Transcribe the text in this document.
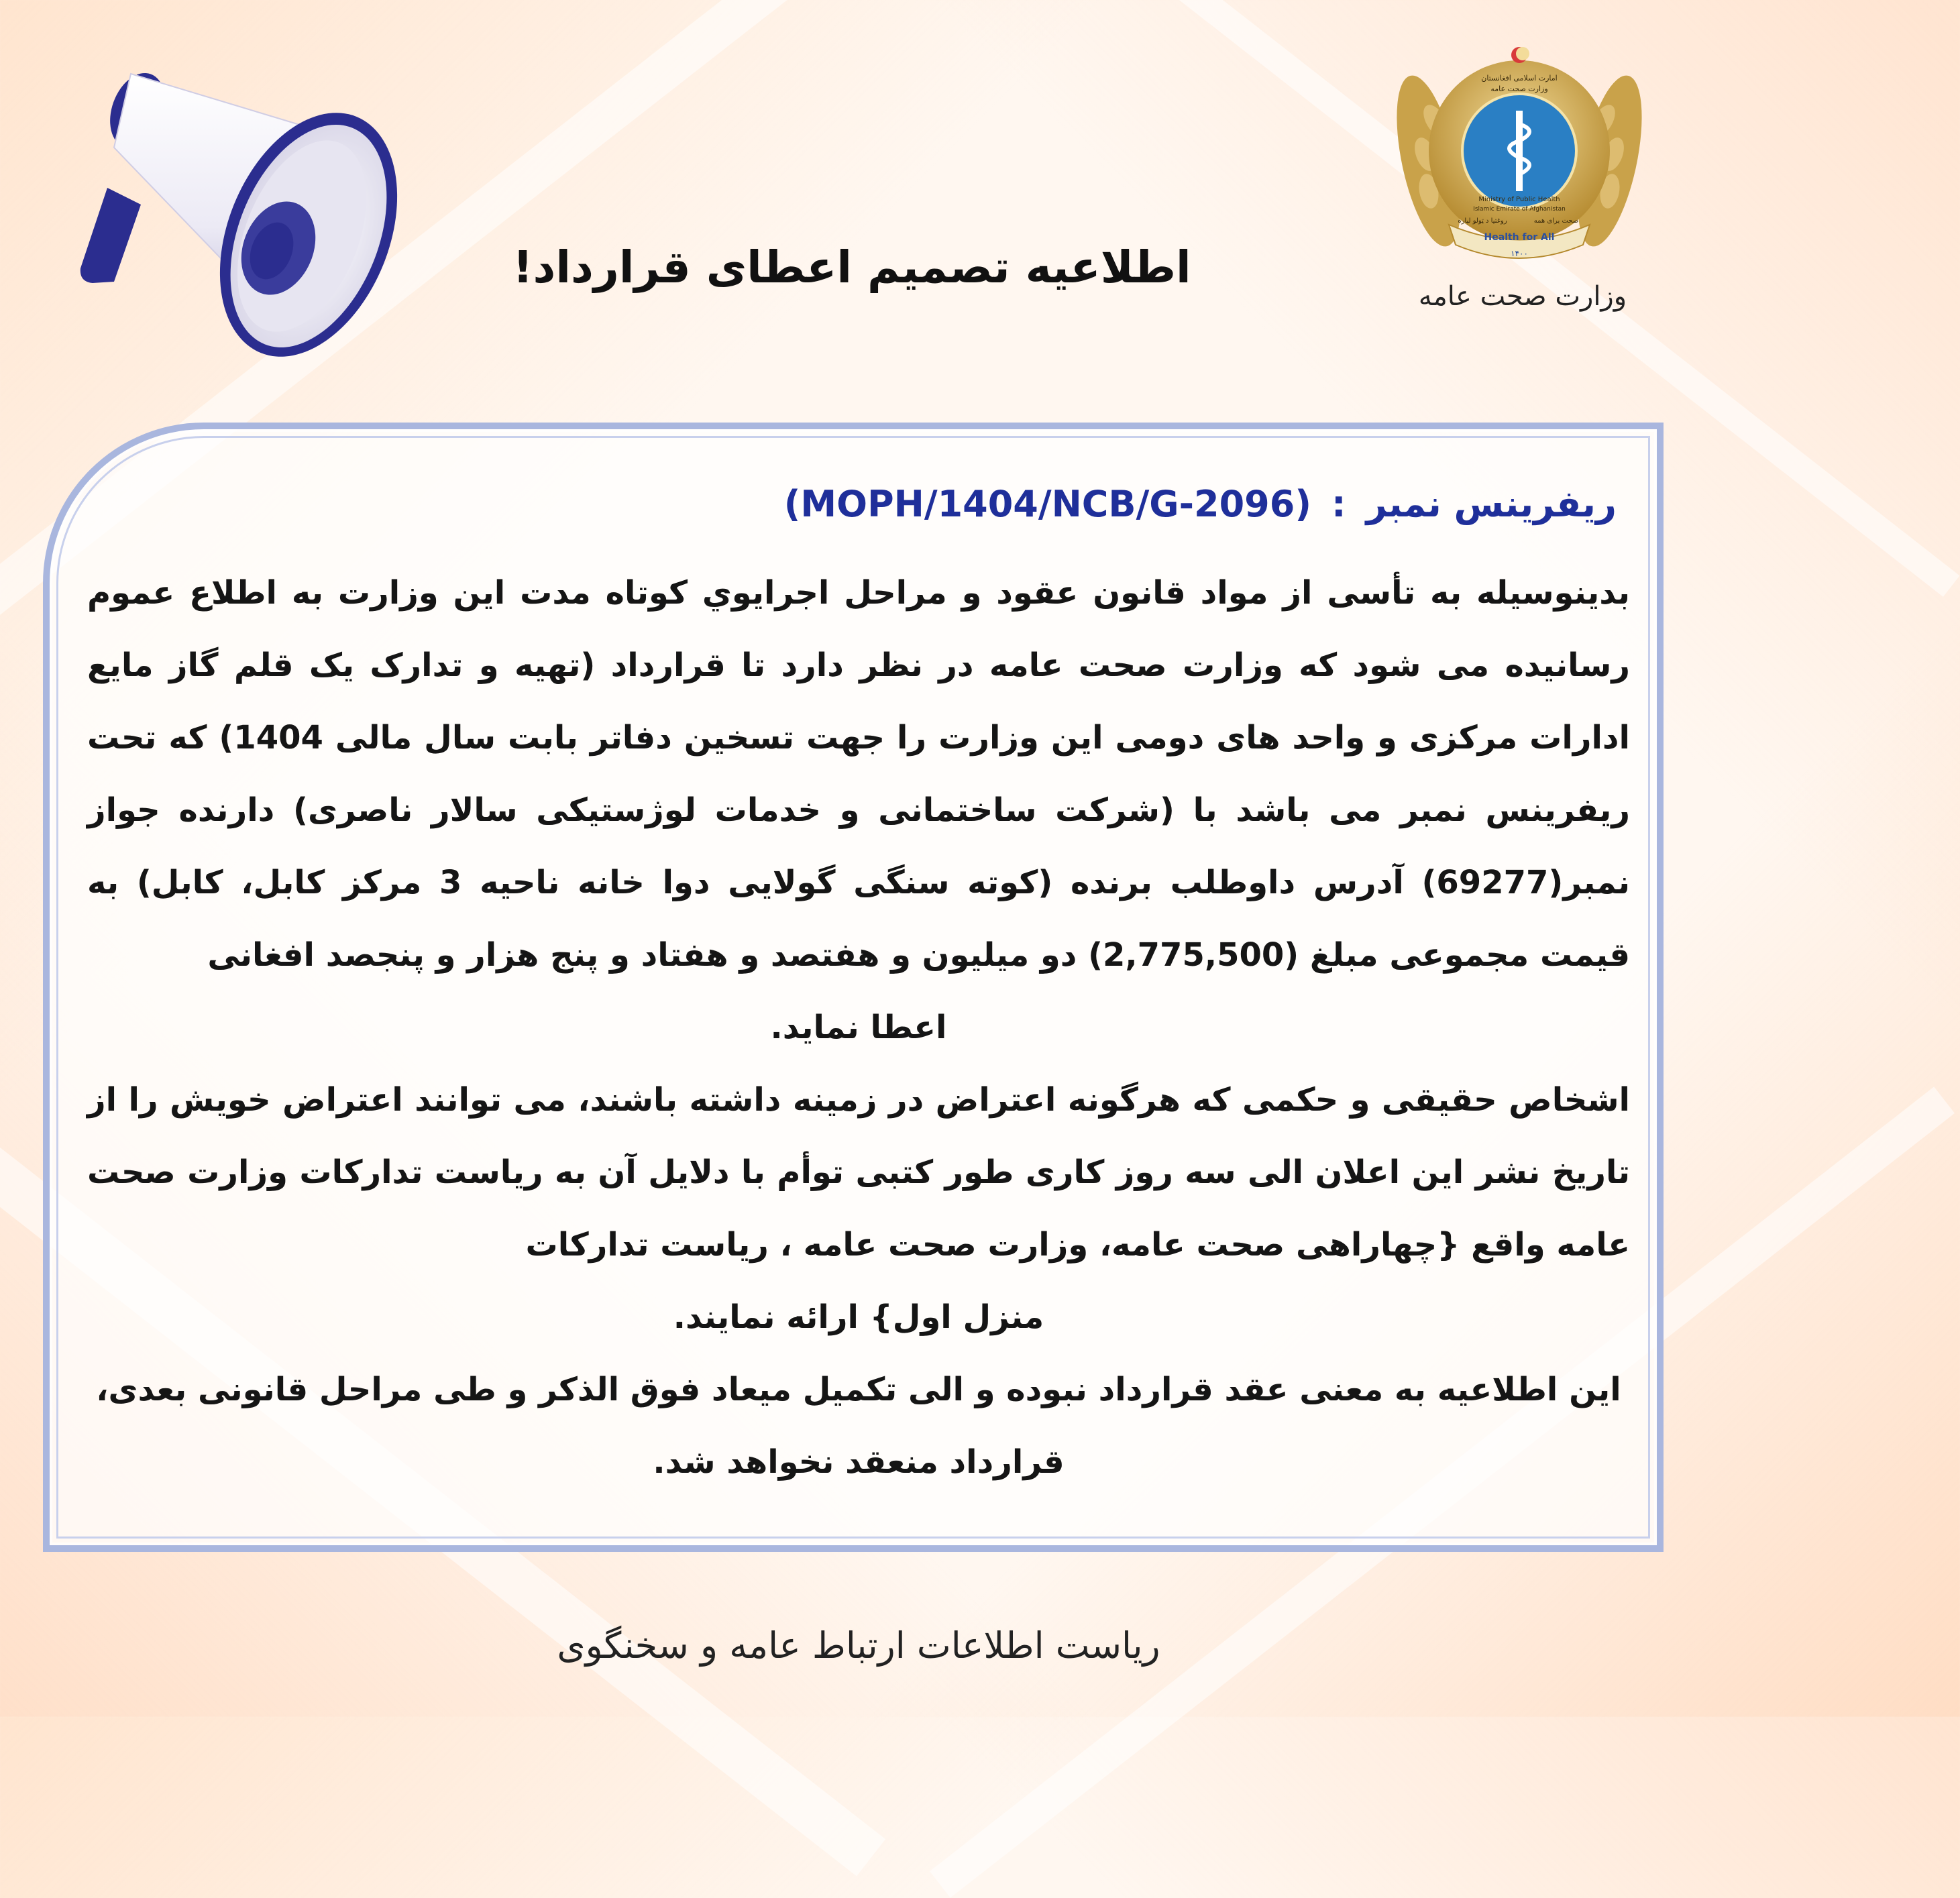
Health for All
۱۴۰۰
Ministry of Public Health
Islamic Emirate of Afghanistan
امارت اسلامی افغانستان
وزارت صحت عامه
روغتیا د ټولو لپاره	صحت برای همه
وزارت صحت عامه
اطلاعیه تصمیم اعطای قرارداد!
ریفرینس نمبر:(MOPH/1404/NCB/G-2096)

بدینوسیله به تأسی از مواد قانون عقود و مراحل اجرایوي کوتاه مدت این وزارت به اطلاع عموم رسانیده می شود که وزارت صحت عامه در نظر دارد تا قرارداد (تهیه و تدارک یک قلم گاز مایع ادارات مرکزی و واحد های دومی این وزارت را جهت تسخین دفاتر بابت سال مالی 1404) که تحت ریفرینس نمبر می باشد با (شرکت ساختمانی و خدمات لوژستیکی سالار ناصری) دارنده جواز نمبر(69277) آدرس داوطلب برنده (کوته سنگی گولایی دوا خانه ناحیه 3 مرکز کابل، کابل) به قیمت مجموعی مبلغ (2,775,500) دو میلیون و هفتصد و هفتاد و پنج هزار و پنجصد افغانی

اعطا نماید.

اشخاص حقیقی و حکمی که هرگونه اعتراض در زمینه داشته باشند، می توانند اعتراض خویش را از تاریخ نشر این اعلان الی سه روز کاری طور کتبی توأم با دلایل آن به ریاست تدارکات وزارت صحت عامه واقع {چهاراهی صحت عامه، وزارت صحت عامه ، ریاست تدارکات

منزل اول} ارائه نمایند.

این اطلاعیه به معنی عقد قرارداد نبوده و الی تکمیل میعاد فوق الذکر و طی مراحل قانونی بعدی، قرارداد منعقد نخواهد شد.

ریاست اطلاعات ارتباط عامه و سخنگوی
